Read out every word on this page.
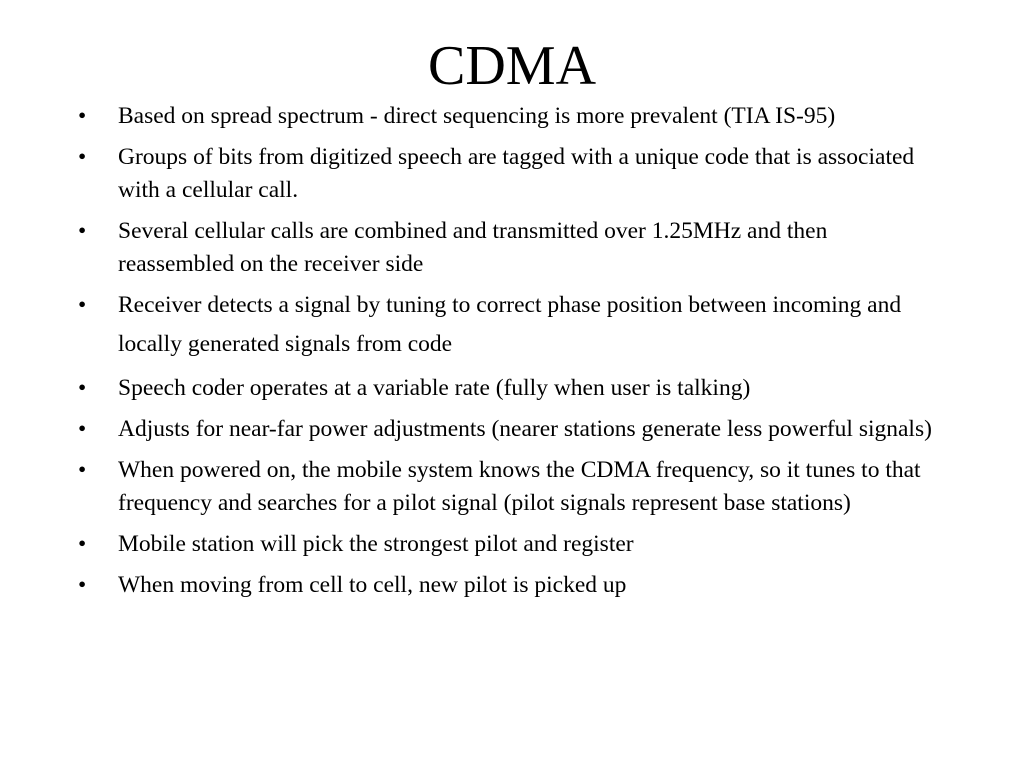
CDMA
•	Based on spread spectrum - direct sequencing is more prevalent (TIA IS-95)
•	Groups of bits from digitized speech are tagged with a unique code that is associated with a cellular call.
•	Several cellular calls are combined and transmitted over 1.25MHz and then reassembled on the receiver side
•	Receiver detects a signal by tuning to correct phase position between incoming and locally generated signals from code
•	Speech coder operates at a variable rate (fully when user is talking)
•	Adjusts for near-far power adjustments (nearer stations generate less powerful signals)
•	When powered on, the mobile system knows the CDMA frequency, so it tunes to that frequency and searches for a pilot signal (pilot signals represent base stations)
•	Mobile station will pick the strongest pilot and register
•	When moving from cell to cell, new pilot is picked up
